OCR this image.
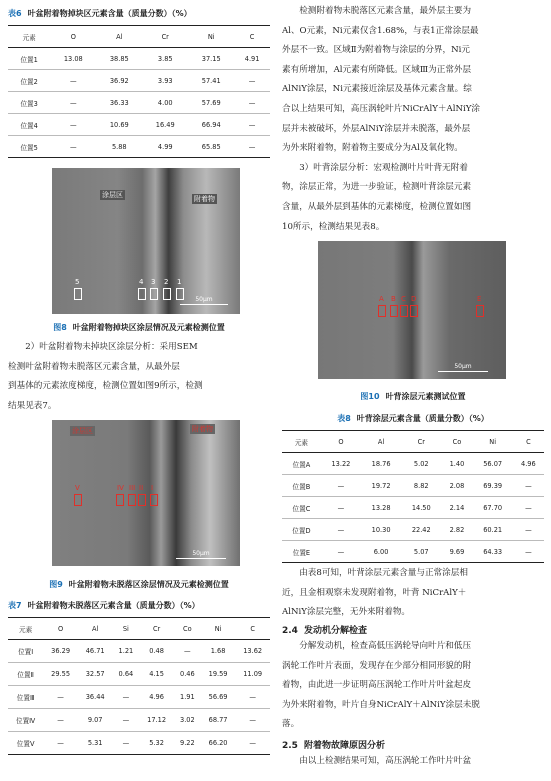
表6 叶盆附着物掉块区元素含量（质量分数）（%）
元素	O	Al	Cr	Ni	C
位置1	13.08	38.85	3.85	37.15	4.91
位置2	—	36.92	3.93	57.41	—
位置3	—	36.33	4.00	57.69	—
位置4	—	10.69	16.49	66.94	—
位置5	—	5.88	4.99	65.85	—
涂层区	附着物
5	4 3 2 1
50μm
图8 叶盆附着物掉块区涂层情况及元素检测位置
　　2）叶盆附着物未掉块区涂层分析：采用SEM
检测叶盆附着物未脱落区元素含量，从最外层
到基体的元素浓度梯度，检测位置如图9所示，检测
结果见表7。
涂层区	附着物
V	IV III II I
50μm
图9 叶盆附着物未脱落区涂层情况及元素检测位置
表7 叶盆附着物未脱落区元素含量（质量分数）（%）
元素	O	Al	Si	Cr	Co	Ni	C
位置Ⅰ	36.29	46.71	1.21	0.48	—	1.68	13.62
位置Ⅱ	29.55	32.57	0.64	4.15	0.46	19.59	11.09
位置Ⅲ	—	36.44	—	4.96	1.91	56.69	—
位置Ⅳ	—	9.07	—	17.12	3.02	68.77	—
位置Ⅴ	—	5.31	—	5.32	9.22	66.20	—
　　检测附着物未脱落区元素含量，最外层主要为
Al、O元素，Ni元素仅含1.68%，与表1正常涂层最
外层不一致。区域Ⅱ为附着物与涂层的分界，Ni元
素有所增加，Al元素有所降低。区域Ⅲ为正常外层
AlNiY涂层，Ni元素接近涂层及基体元素含量。综
合以上结果可知，高压涡轮叶片NiCrAlY＋AlNiY涂
层并未被破坏，外层AlNiY涂层并未脱落，最外层
为外来附着物，附着物主要成分为Al及氧化物。
　　3）叶背涂层分析：宏观检测叶片叶背无附着
物，涂层正常，为进一步验证，检测叶背涂层元素
含量，从最外层到基体的元素梯度，检测位置如图
10所示，检测结果见表8。
A B C D	E
50μm
图10 叶背涂层元素测试位置
表8 叶背涂层元素含量（质量分数）（%）
元素	O	Al	Cr	Co	Ni	C
位置A	13.22	18.76	5.02	1.40	56.07	4.96
位置B	—	19.72	8.82	2.08	69.39	—
位置C	—	13.28	14.50	2.14	67.70	—
位置D	—	10.30	22.42	2.82	60.21	—
位置E	—	6.00	5.07	9.69	64.33	—
　　由表8可知，叶背涂层元素含量与正常涂层相
近，且金相观察未发现附着物，叶背 NiCrAlY＋
AlNiY涂层完整，无外来附着物。
2.4 发动机分解检查
　　分解发动机，检查高低压涡轮导向叶片和低压
涡轮工作叶片表面，发现存在少部分相同形貌的附
着物，由此进一步证明高压涡轮工作叶片叶盆起皮
为外来附着物，叶片自身NiCrAlY＋AlNiY涂层未脱
落。
2.5 附着物故障原因分析
　　由以上检测结果可知，高压涡轮工作叶片叶盆
